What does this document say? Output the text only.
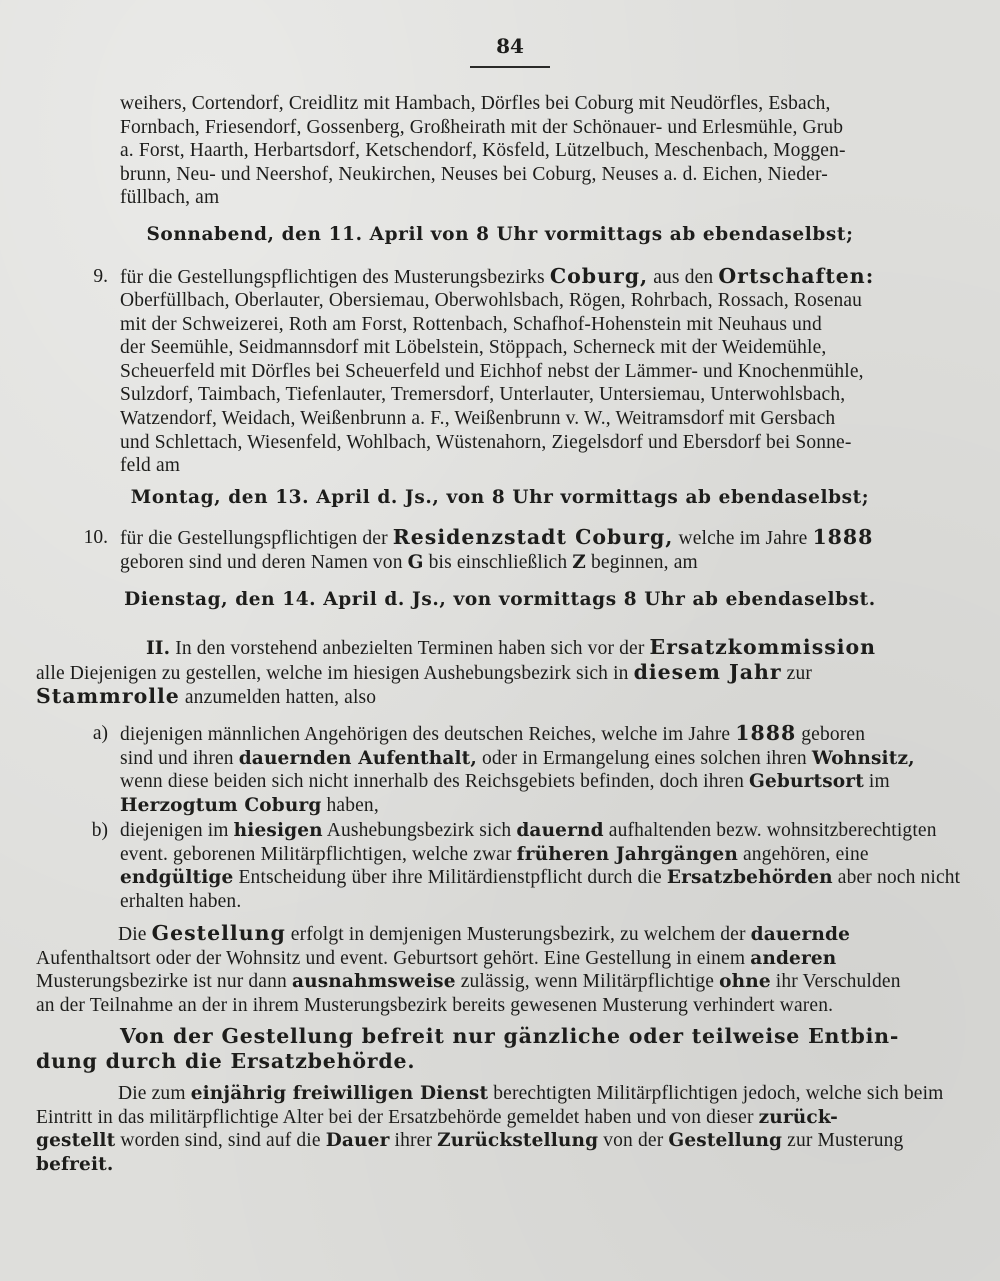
84
weihers, Cortendorf, Creidlitz mit Hambach, Dörfles bei Coburg mit Neudörfles, Esbach,
Fornbach, Friesendorf, Gossenberg, Großheirath mit der Schönauer- und Erlesmühle, Grub
a. Forst, Haarth, Herbartsdorf, Ketschendorf, Kösfeld, Lützelbuch, Meschenbach, Moggen-
brunn, Neu- und Neershof, Neukirchen, Neuses bei Coburg, Neuses a. d. Eichen, Nieder-
füllbach, am
Sonnabend, den 11. April von 8 Uhr vormittags ab ebendaselbst;
9. für die Gestellungspflichtigen des Musterungsbezirks Coburg, aus den Ortschaften:
Oberfüllbach, Oberlauter, Obersiemau, Oberwohlsbach, Rögen, Rohrbach, Rossach, Rosenau
mit der Schweizerei, Roth am Forst, Rottenbach, Schafhof-Hohenstein mit Neuhaus und
der Seemühle, Seidmannsdorf mit Löbelstein, Stöppach, Scherneck mit der Weidemühle,
Scheuerfeld mit Dörfles bei Scheuerfeld und Eichhof nebst der Lämmer- und Knochenmühle,
Sulzdorf, Taimbach, Tiefenlauter, Tremersdorf, Unterlauter, Untersiemau, Unterwohlsbach,
Watzendorf, Weidach, Weißenbrunn a. F., Weißenbrunn v. W., Weitramsdorf mit Gersbach
und Schlettach, Wiesenfeld, Wohlbach, Wüstenahorn, Ziegelsdorf und Ebersdorf bei Sonne-
feld am
Montag, den 13. April d. Js., von 8 Uhr vormittags ab ebendaselbst;
10. für die Gestellungspflichtigen der Residenzstadt Coburg, welche im Jahre 1888
geboren sind und deren Namen von G bis einschließlich Z beginnen, am
Dienstag, den 14. April d. Js., von vormittags 8 Uhr ab ebendaselbst.
II. In den vorstehend anbezielten Terminen haben sich vor der Ersatzkommission
alle Diejenigen zu gestellen, welche im hiesigen Aushebungsbezirk sich in diesem Jahr zur
Stammrolle anzumelden hatten, also
a) diejenigen männlichen Angehörigen des deutschen Reiches, welche im Jahre 1888 geboren
sind und ihren dauernden Aufenthalt, oder in Ermangelung eines solchen ihren Wohnsitz,
wenn diese beiden sich nicht innerhalb des Reichsgebiets befinden, doch ihren Geburtsort im
Herzogtum Coburg haben,
b) diejenigen im hiesigen Aushebungsbezirk sich dauernd aufhaltenden bezw. wohnsitzberechtigten
event. geborenen Militärpflichtigen, welche zwar früheren Jahrgängen angehören, eine
endgültige Entscheidung über ihre Militärdienstpflicht durch die Ersatzbehörden aber noch nicht
erhalten haben.
Die Gestellung erfolgt in demjenigen Musterungsbezirk, zu welchem der dauernde
Aufenthaltsort oder der Wohnsitz und event. Geburtsort gehört. Eine Gestellung in einem anderen
Musterungsbezirke ist nur dann ausnahmsweise zulässig, wenn Militärpflichtige ohne ihr Verschulden
an der Teilnahme an der in ihrem Musterungsbezirk bereits gewesenen Musterung verhindert waren.
Von der Gestellung befreit nur gänzliche oder teilweise Entbin-
dung durch die Ersatzbehörde.
Die zum einjährig freiwilligen Dienst berechtigten Militärpflichtigen jedoch, welche sich beim
Eintritt in das militärpflichtige Alter bei der Ersatzbehörde gemeldet haben und von dieser zurück-
gestellt worden sind, sind auf die Dauer ihrer Zurückstellung von der Gestellung zur Musterung
befreit.
